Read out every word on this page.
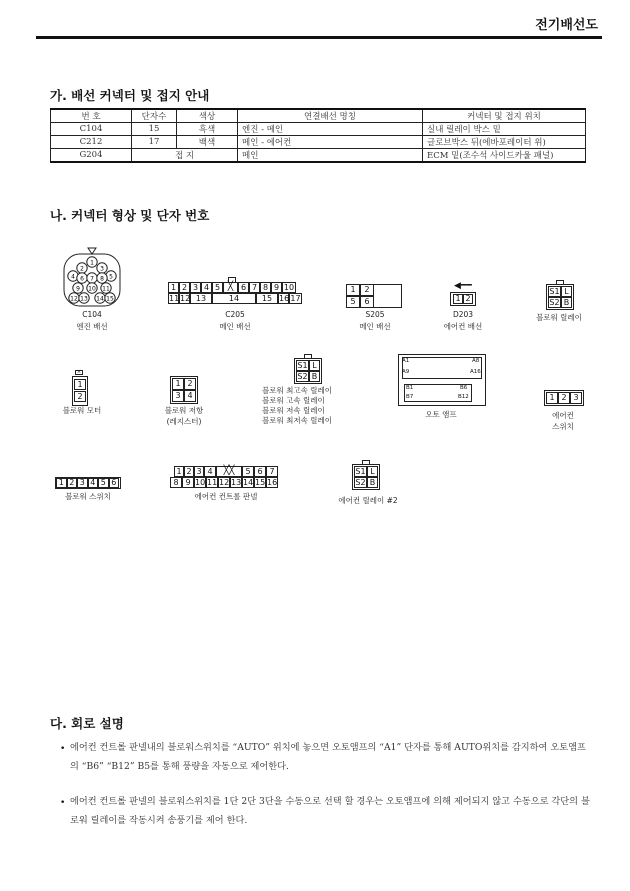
전기배선도
가. 배선 커넥터 및 접지 안내
번 호	단자수	색상	연결배선 명칭	커넥터 및 접지 위치
C104	15	흑색	엔진 - 메인	실내 릴레이 박스 밑
C212	17	백색	메인 - 에어컨	글로브박스 뒤(에바포레이터 위)
G204	접 지		메인	ECM 밑(조수석 사이드카울 패널)
나. 커넥터 형상 및 단자 번호
1
2	3
4	5
6 7 8
9 10 11
12 13 14 15
1 2 3 4 5	6 7 8 9 10
╳
11 12 13	14	15 16 17
1	2
5	6	1 2
◀━━
S1 L
S2 B
S1 L
S2 B
S1 L
S2 B
×
1
2
1 2
3 4
A1	A8
A9	A16
B1	B6
B7	B12	1 2 3
1 2 3 4 5 6
1 2 3 4	5 6 7
╳╳
8 9 10 11 12 13 14 15 16
C104
엔진 배선
C205
메인 배선
S205
메인 배선
D203
에어컨 배선
블로워 릴레이
블로워 모터	블로워 저항
(레지스터)
블로워 최고속 릴레이
블로워 고속 릴레이
블로워 저속 릴레이
블로워 최저속 릴레이
오토 앰프	에어컨
스위치
블로워 스위치	에어컨 컨트롤 판넬	에어컨 릴레이 #2
다. 회로 설명
• 에어컨 컨트롤 판넬내의 블로워스위치를 “AUTO” 위치에 놓으면 오토앰프의 “A1” 단자를 통해 AUTO위치를 감지하여 오토앰프의 “B6” “B12” B5를 통해 풍량을 자동으로 제어한다.
• 에어컨 컨트롤 판넬의 블로워스위치를 1단 2단 3단을 수동으로 선택 할 경우는 오토앰프에 의해 제어되지 않고 수동으로 각단의 블로워 릴레이를 작동시켜 송풍기를 제어 한다.
